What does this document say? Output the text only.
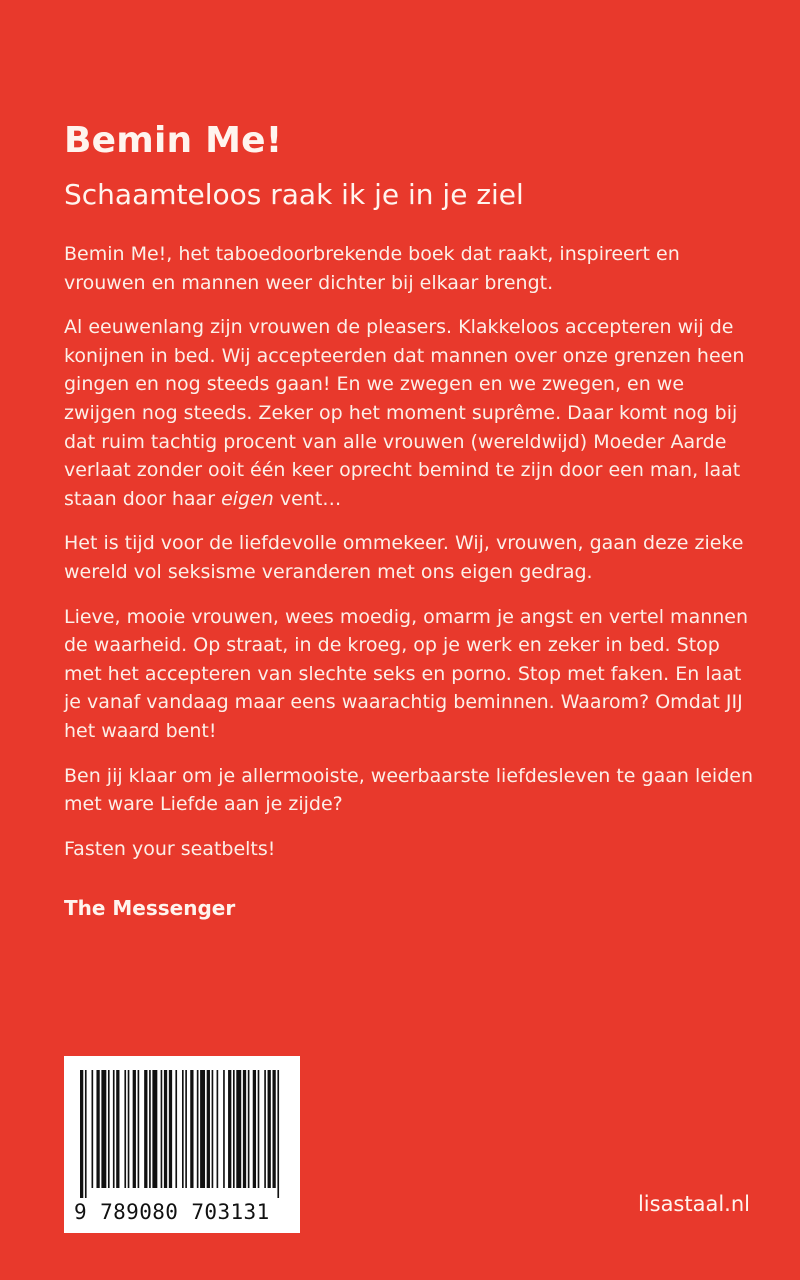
Bemin Me!
Schaamteloos raak ik je in je ziel

Bemin Me!, het taboedoorbrekende boek dat raakt, inspireert en vrouwen en mannen weer dichter bij elkaar brengt.

Al eeuwenlang zijn vrouwen de pleasers. Klakkeloos accepteren wij de konijnen in bed. Wij accepteerden dat mannen over onze grenzen heen gingen en nog steeds gaan! En we zwegen en we zwegen, en we zwijgen nog steeds. Zeker op het moment suprême. Daar komt nog bij dat ruim tachtig procent van alle vrouwen (wereldwijd) Moeder Aarde verlaat zonder ooit één keer oprecht bemind te zijn door een man, laat staan door haar eigen vent…

Het is tijd voor de liefdevolle ommekeer. Wij, vrouwen, gaan deze zieke wereld vol seksisme veranderen met ons eigen gedrag.

Lieve, mooie vrouwen, wees moedig, omarm je angst en vertel mannen de waarheid. Op straat, in de kroeg, op je werk en zeker in bed. Stop met het accepteren van slechte seks en porno. Stop met faken. En laat je vanaf vandaag maar eens waarachtig beminnen. Waarom? Omdat JIJ het waard bent!

Ben jij klaar om je allermooiste, weerbaarste liefdesleven te gaan leiden met ware Liefde aan je zijde?

Fasten your seatbelts!

The Messenger
9 789080 703131	lisastaal.nl
